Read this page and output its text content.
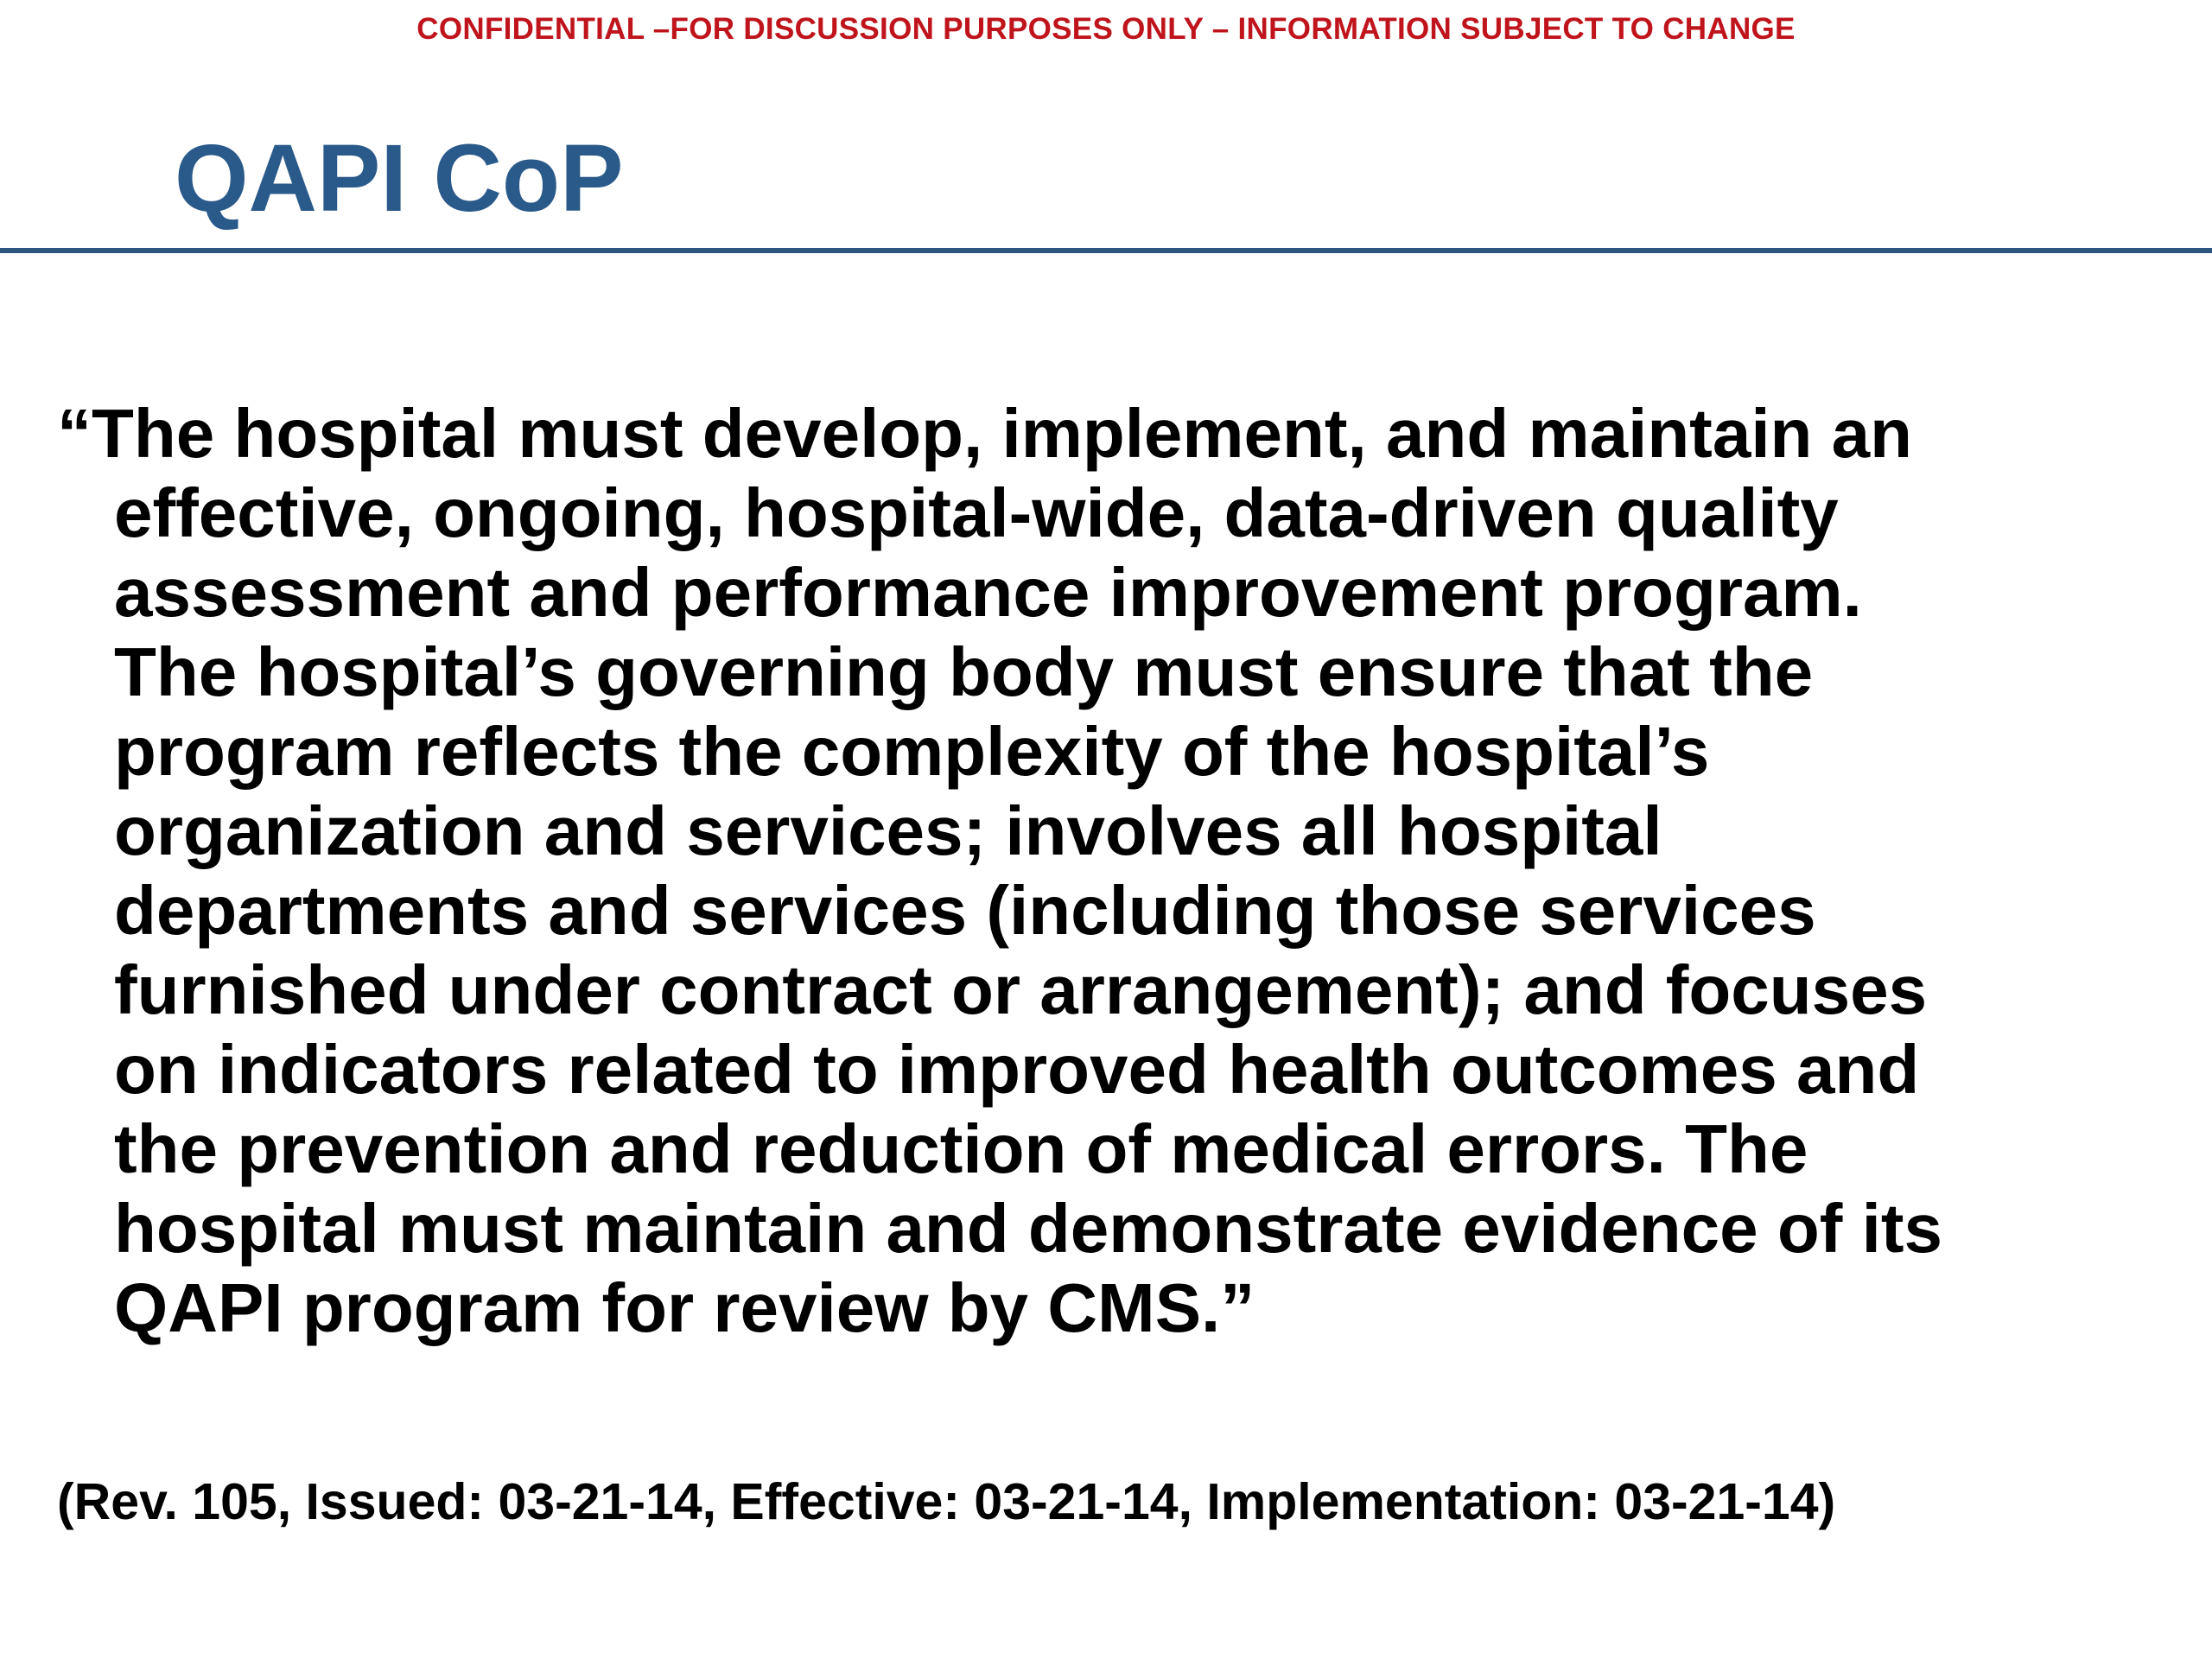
CONFIDENTIAL –FOR DISCUSSION PURPOSES ONLY – INFORMATION SUBJECT TO CHANGE
QAPI CoP

“The hospital must develop, implement, and maintain an
effective, ongoing, hospital-wide, data-driven quality
assessment and performance improvement program.
The hospital’s governing body must ensure that the
program reflects the complexity of the hospital’s
organization and services; involves all hospital
departments and services (including those services
furnished under contract or arrangement); and focuses
on indicators related to improved health outcomes and
the prevention and reduction of medical errors. The
hospital must maintain and demonstrate evidence of its
QAPI program for review by CMS.”

(Rev. 105, Issued: 03-21-14, Effective: 03-21-14, Implementation: 03-21-14)
